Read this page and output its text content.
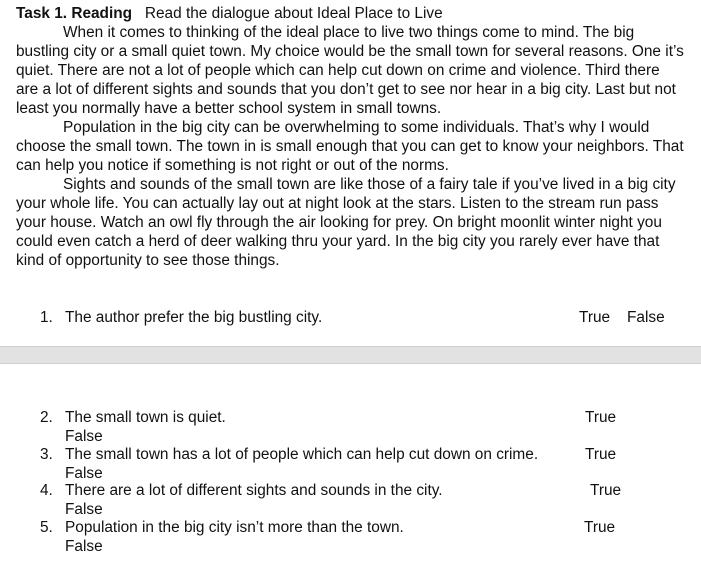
Task 1. Reading Read the dialogue about Ideal Place to Live

When it comes to thinking of the ideal place to live two things come to mind. The big bustling city or a small quiet town. My choice would be the small town for several reasons. One it’s quiet. There are not a lot of people which can help cut down on crime and violence. Third there are a lot of different sights and sounds that you don’t get to see nor hear in a big city. Last but not least you normally have a better school system in small towns.

Population in the big city can be overwhelming to some individuals. That’s why I would choose the small town. The town in is small enough that you can get to know your neighbors. That can help you notice if something is not right or out of the norms.

Sights and sounds of the small town are like those of a fairy tale if you’ve lived in a big city your whole life. You can actually lay out at night look at the stars. Listen to the stream run pass your house. Watch an owl fly through the air looking for prey. On bright moonlit winter night you could even catch a herd of deer walking thru your yard. In the big city you rarely ever have that kind of opportunity to see those things.

1. The author prefer the big bustling city.	True False
2. The small town is quiet.	True
False
3. The small town has a lot of people which can help cut down on crime.	True
False
4. There are a lot of different sights and sounds in the city.	True
False
5. Population in the big city isn’t more than the town.	True
False
